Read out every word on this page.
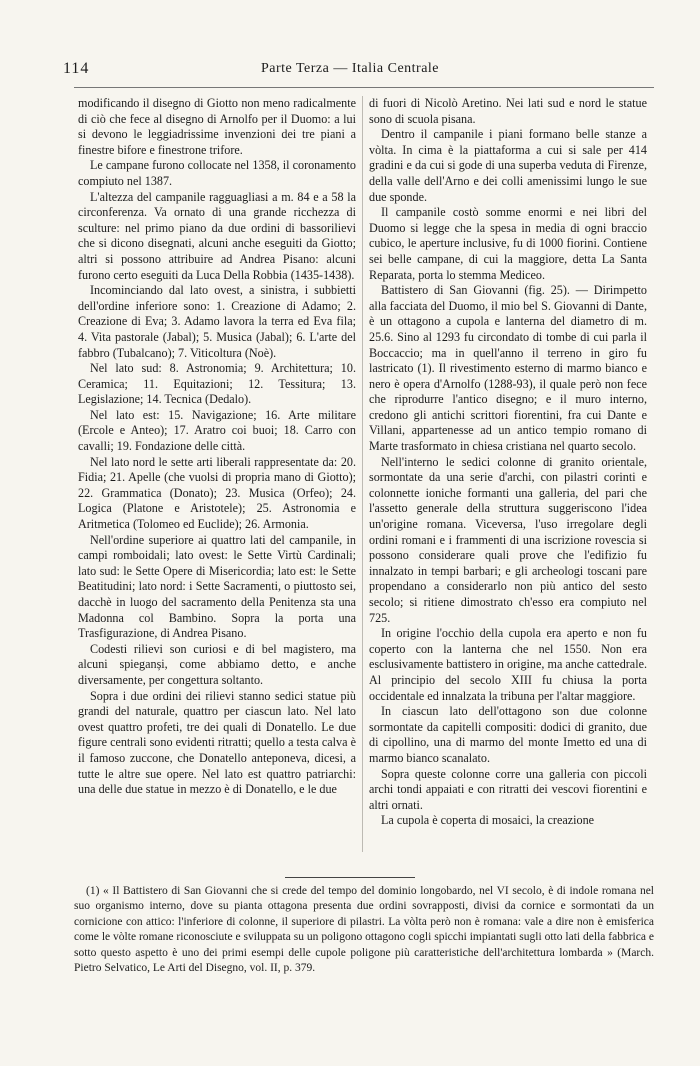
114	Parte Terza — Italia Centrale

modificando il disegno di Giotto non meno radicalmente di ciò che fece al disegno di Arnolfo per il Duomo: a lui si devono le leggiadrissime invenzioni dei tre piani a finestre bifore e finestrone trifore.

Le campane furono collocate nel 1358, il coronamento compiuto nel 1387.

L'altezza del campanile ragguagliasi a m. 84 e a 58 la circonferenza. Va ornato di una grande ricchezza di sculture: nel primo piano da due ordini di bassorilievi che si dicono disegnati, alcuni anche eseguiti da Giotto; altri si possono attribuire ad Andrea Pisano: alcuni furono certo eseguiti da Luca Della Robbia (1435-1438).

Incominciando dal lato ovest, a sinistra, i subbietti dell'ordine inferiore sono: 1. Creazione di Adamo; 2. Creazione di Eva; 3. Adamo lavora la terra ed Eva fila; 4. Vita pastorale (Jabal); 5. Musica (Jabal); 6. L'arte del fabbro (Tubalcano); 7. Viticoltura (Noè).

Nel lato sud: 8. Astronomia; 9. Architettura; 10. Ceramica; 11. Equitazioni; 12. Tessitura; 13. Legislazione; 14. Tecnica (Dedalo).

Nel lato est: 15. Navigazione; 16. Arte militare (Ercole e Anteo); 17. Aratro coi buoi; 18. Carro con cavalli; 19. Fondazione delle città.

Nel lato nord le sette arti liberali rappresentate da: 20. Fidia; 21. Apelle (che vuolsi di propria mano di Giotto); 22. Grammatica (Donato); 23. Musica (Orfeo); 24. Logica (Platone e Aristotele); 25. Astronomia e Aritmetica (Tolomeo ed Euclide); 26. Armonia.

Nell'ordine superiore ai quattro lati del campanile, in campi romboidali; lato ovest: le Sette Virtù Cardinali; lato sud: le Sette Opere di Misericordia; lato est: le Sette Beatitudini; lato nord: i Sette Sacramenti, o piuttosto sei, dacchè in luogo del sacramento della Penitenza sta una Madonna col Bambino. Sopra la porta una Trasfigurazione, di Andrea Pisano.

Codesti rilievi son curiosi e di bel magistero, ma alcuni spieganși, come abbiamo detto, e anche diversamente, per congettura soltanto.

Sopra i due ordini dei rilievi stanno sedici statue più grandi del naturale, quattro per ciascun lato. Nel lato ovest quattro profeti, tre dei quali di Donatello. Le due figure centrali sono evidenti ritratti; quello a testa calva è il famoso zuccone, che Donatello anteponeva, dicesi, a tutte le altre sue opere. Nel lato est quattro patriarchi: una delle due statue in mezzo è di Donatello, e le due

di fuori di Nicolò Aretino. Nei lati sud e nord le statue sono di scuola pisana.

Dentro il campanile i piani formano belle stanze a vòlta. In cima è la piattaforma a cui si sale per 414 gradini e da cui si gode di una superba veduta di Firenze, della valle dell'Arno e dei colli amenissimi lungo le sue due sponde.

Il campanile costò somme enormi e nei libri del Duomo si legge che la spesa in media di ogni braccio cubico, le aperture inclusive, fu di 1000 fiorini. Contiene sei belle campane, di cui la maggiore, detta La Santa Reparata, porta lo stemma Mediceo.

Battistero di San Giovanni (fig. 25). — Dirimpetto alla facciata del Duomo, il mio bel S. Giovanni di Dante, è un ottagono a cupola e lanterna del diametro di m. 25.6. Sino al 1293 fu circondato di tombe di cui parla il Boccaccio; ma in quell'anno il terreno in giro fu lastricato (1). Il rivestimento esterno di marmo bianco e nero è opera d'Arnolfo (1288-93), il quale però non fece che riprodurre l'antico disegno; e il muro interno, credono gli antichi scrittori fiorentini, fra cui Dante e Villani, appartenesse ad un antico tempio romano di Marte trasformato in chiesa cristiana nel quarto secolo.

Nell'interno le sedici colonne di granito orientale, sormontate da una serie d'archi, con pilastri corinti e colonnette ioniche formanti una galleria, del pari che l'assetto generale della struttura suggeriscono l'idea un'origine romana. Viceversa, l'uso irregolare degli ordini romani e i frammenti di una iscrizione rovescia si possono considerare quali prove che l'edifizio fu innalzato in tempi barbari; e gli archeologi toscani pare propendano a considerarlo non più antico del sesto secolo; si ritiene dimostrato ch'esso era compiuto nel 725.

In origine l'occhio della cupola era aperto e non fu coperto con la lanterna che nel 1550. Non era esclusivamente battistero in origine, ma anche cattedrale. Al principio del secolo XIII fu chiusa la porta occidentale ed innalzata la tribuna per l'altar maggiore.

In ciascun lato dell'ottagono son due colonne sormontate da capitelli compositi: dodici di granito, due di cipollino, una di marmo del monte Imetto ed una di marmo bianco scanalato.

Sopra queste colonne corre una galleria con piccoli archi tondi appaiati e con ritratti dei vescovi fiorentini e altri ornati.

La cupola è coperta di mosaici, la creazione

(1) « Il Battistero di San Giovanni che si crede del tempo del dominio longobardo, nel VI secolo, è di indole romana nel suo organismo interno, dove su pianta ottagona presenta due ordini sovrapposti, divisi da cornice e sormontati da un cornicione con attico: l'inferiore di colonne, il superiore di pilastri. La vòlta però non è romana: vale a dire non è emisferica come le vòlte romane riconosciute e sviluppata su un poligono ottagono cogli spicchi impiantati sugli otto lati della fabbrica e sotto questo aspetto è uno dei primi esempi delle cupole poligone più caratteristiche dell'architettura lombarda » (March. Pietro Selvatico, Le Arti del Disegno, vol. II, p. 379.
